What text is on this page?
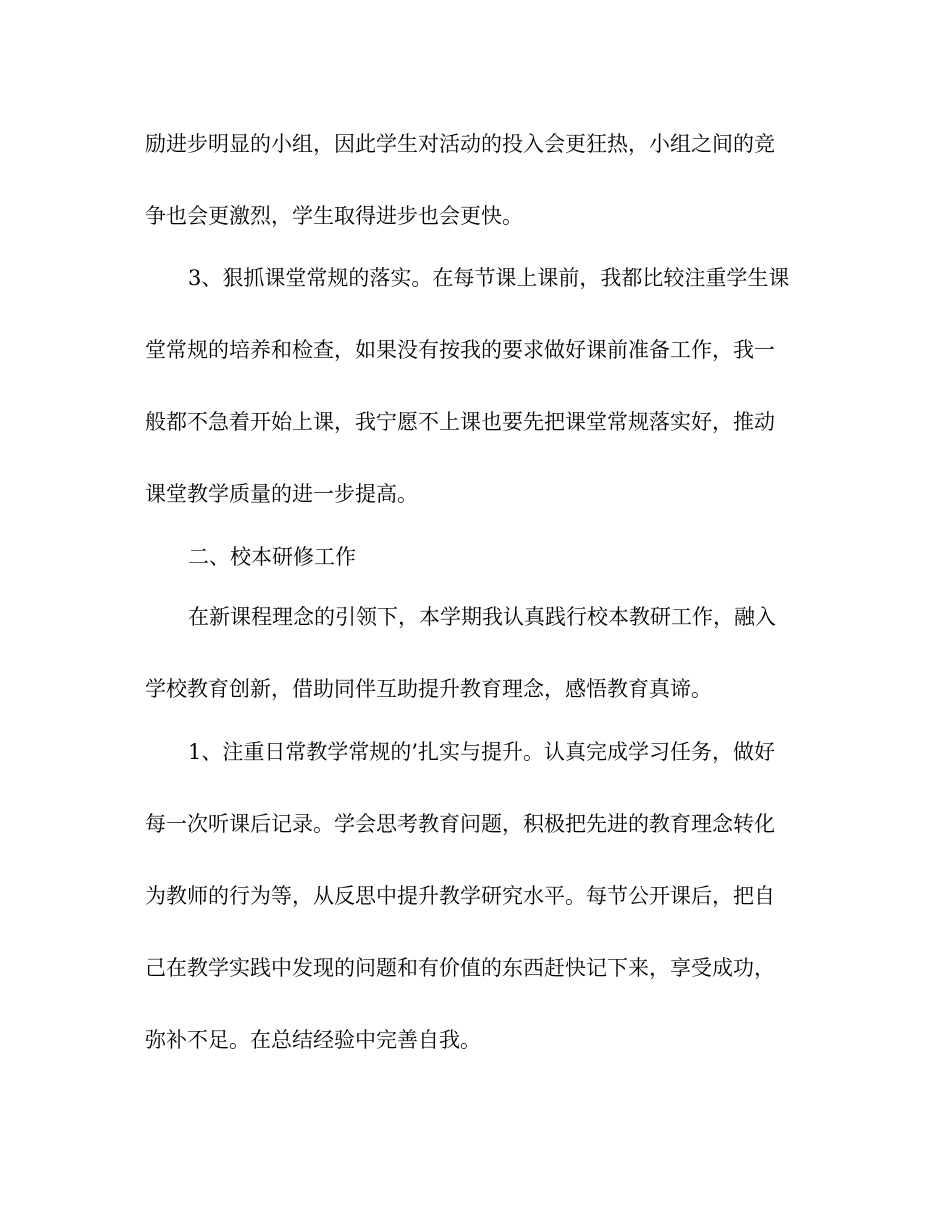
励进步明显的小组，因此学生对活动的投入会更狂热，小组之间的竞
争也会更激烈，学生取得进步也会更快。
3、狠抓课堂常规的落实。在每节课上课前，我都比较注重学生课
堂常规的培养和检查，如果没有按我的要求做好课前准备工作，我一
般都不急着开始上课，我宁愿不上课也要先把课堂常规落实好，推动
课堂教学质量的进一步提高。
二、校本研修工作
在新课程理念的引领下，本学期我认真践行校本教研工作，融入
学校教育创新，借助同伴互助提升教育理念，感悟教育真谛。
1、注重日常教学常规的’扎实与提升。认真完成学习任务，做好
每一次听课后记录。学会思考教育问题，积极把先进的教育理念转化
为教师的行为等，从反思中提升教学研究水平。每节公开课后，把自
己在教学实践中发现的问题和有价值的东西赶快记下来，享受成功，
弥补不足。在总结经验中完善自我。
